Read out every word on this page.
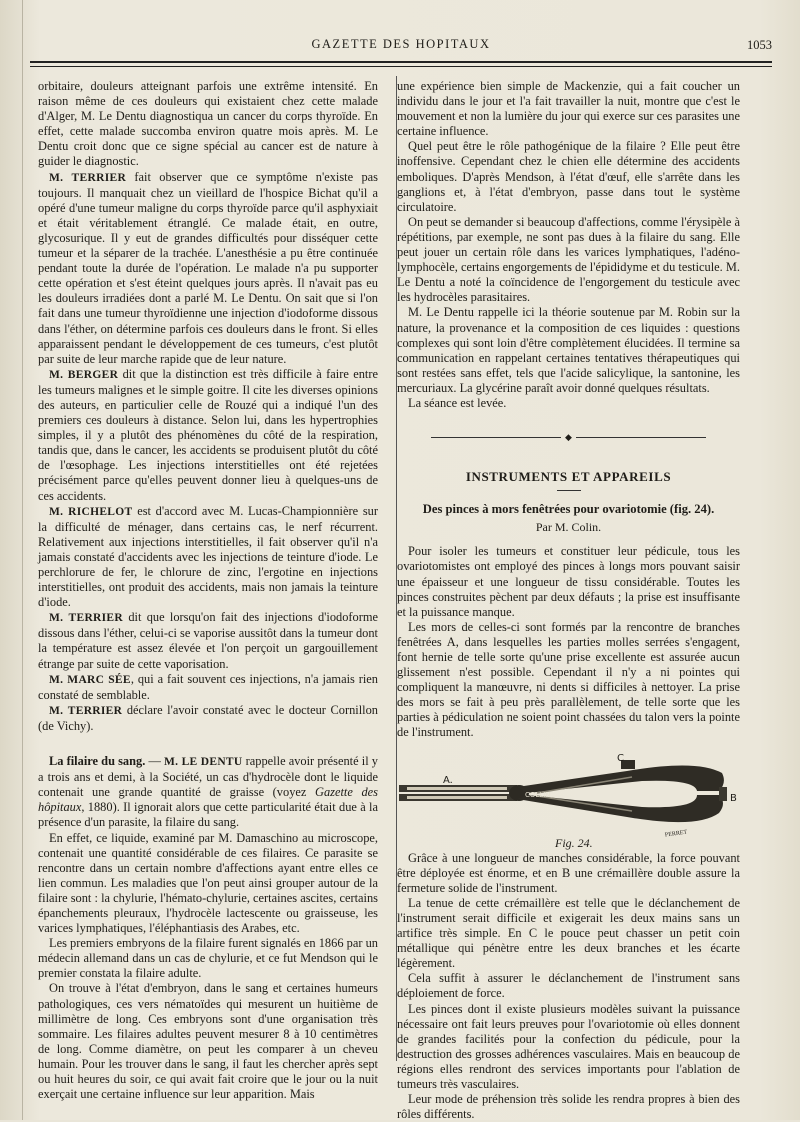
GAZETTE DES HOPITAUX	1053

orbitaire, douleurs atteignant parfois une extrême intensité. En raison même de ces douleurs qui existaient chez cette malade d'Alger, M. Le Dentu diagnostiqua un cancer du corps thyroïde. En effet, cette malade succomba environ quatre mois après. M. Le Dentu croit donc que ce signe spécial au cancer est de nature à guider le diagnostic.

M. TERRIER fait observer que ce symptôme n'existe pas toujours. Il manquait chez un vieillard de l'hospice Bichat qu'il a opéré d'une tumeur maligne du corps thyroïde parce qu'il asphyxiait et était véritablement étranglé. Ce malade était, en outre, glycosurique. Il y eut de grandes difficultés pour disséquer cette tumeur et la séparer de la trachée. L'anesthésie a pu être continuée pendant toute la durée de l'opération. Le malade n'a pu supporter cette opération et s'est éteint quelques jours après. Il n'avait pas eu les douleurs irradiées dont a parlé M. Le Dentu. On sait que si l'on fait dans une tumeur thyroïdienne une injection d'iodoforme dissous dans l'éther, on détermine parfois ces douleurs dans le front. Si elles apparaissent pendant le développement de ces tumeurs, c'est plutôt par suite de leur marche rapide que de leur nature.

M. BERGER dit que la distinction est très difficile à faire entre les tumeurs malignes et le simple goitre. Il cite les diverses opinions des auteurs, en particulier celle de Rouzé qui a indiqué l'un des premiers ces douleurs à distance. Selon lui, dans les hypertrophies simples, il y a plutôt des phénomènes du côté de la respiration, tandis que, dans le cancer, les accidents se produisent plutôt du côté de l'œsophage. Les injections interstitielles ont été rejetées précisément parce qu'elles peuvent donner lieu à quelques-uns de ces accidents.

M. RICHELOT est d'accord avec M. Lucas-Championnière sur la difficulté de ménager, dans certains cas, le nerf récurrent. Relativement aux injections interstitielles, il fait observer qu'il n'a jamais constaté d'accidents avec les injections de teinture d'iode. Le perchlorure de fer, le chlorure de zinc, l'ergotine en injections interstitielles, ont produit des accidents, mais non jamais la teinture d'iode.

M. TERRIER dit que lorsqu'on fait des injections d'iodoforme dissous dans l'éther, celui-ci se vaporise aussitôt dans la tumeur dont la température est assez élevée et l'on perçoit un gargouillement étrange par suite de cette vaporisation.

M. MARC SÉE, qui a fait souvent ces injections, n'a jamais rien constaté de semblable.

M. TERRIER déclare l'avoir constaté avec le docteur Cornillon (de Vichy).

La filaire du sang. — M. LE DENTU rappelle avoir présenté il y a trois ans et demi, à la Société, un cas d'hydrocèle dont le liquide contenait une grande quantité de graisse (voyez Gazette des hôpitaux, 1880). Il ignorait alors que cette particularité était due à la présence d'un parasite, la filaire du sang.

En effet, ce liquide, examiné par M. Damaschino au microscope, contenait une quantité considérable de ces filaires. Ce parasite se rencontre dans un certain nombre d'affections ayant entre elles ce lien commun. Les maladies que l'on peut ainsi grouper autour de la filaire sont : la chylurie, l'hémato-chylurie, certaines ascites, certains épanchements pleuraux, l'hydrocèle lactescente ou graisseuse, les varices lymphatiques, l'éléphantiasis des Arabes, etc.

Les premiers embryons de la filaire furent signalés en 1866 par un médecin allemand dans un cas de chylurie, et ce fut Mendson qui le premier constata la filaire adulte.

On trouve à l'état d'embryon, dans le sang et certaines humeurs pathologiques, ces vers nématoïdes qui mesurent un huitième de millimètre de long. Ces embryons sont d'une organisation très sommaire. Les filaires adultes peuvent mesurer 8 à 10 centimètres de long. Comme diamètre, on peut les comparer à un cheveu humain. Pour les trouver dans le sang, il faut les chercher après sept ou huit heures du soir, ce qui avait fait croire que le jour ou la nuit exerçait une certaine influence sur leur apparition. Mais

une expérience bien simple de Mackenzie, qui a fait coucher un individu dans le jour et l'a fait travailler la nuit, montre que c'est le mouvement et non la lumière du jour qui exerce sur ces parasites une certaine influence.

Quel peut être le rôle pathogénique de la filaire ? Elle peut être inoffensive. Cependant chez le chien elle détermine des accidents emboliques. D'après Mendson, à l'état d'œuf, elle s'arrête dans les ganglions et, à l'état d'embryon, passe dans tout le système circulatoire.

On peut se demander si beaucoup d'affections, comme l'érysipèle à répétitions, par exemple, ne sont pas dues à la filaire du sang. Elle peut jouer un certain rôle dans les varices lymphatiques, l'adéno-lymphocèle, certains engorgements de l'épididyme et du testicule. M. Le Dentu a noté la coïncidence de l'engorgement du testicule avec les hydrocèles parasitaires.

M. Le Dentu rappelle ici la théorie soutenue par M. Robin sur la nature, la provenance et la composition de ces liquides : questions complexes qui sont loin d'être complètement élucidées. Il termine sa communication en rappelant certaines tentatives thérapeutiques qui sont restées sans effet, tels que l'acide salicylique, la santonine, les mercuriaux. La glycérine paraît avoir donné quelques résultats.

La séance est levée.

◆
INSTRUMENTS ET APPAREILS
Des pinces à mors fenêtrées pour ovariotomie (fig. 24).
Par M. Colin.

Pour isoler les tumeurs et constituer leur pédicule, tous les ovariotomistes ont employé des pinces à longs mors pouvant saisir une épaisseur et une longueur de tissu considérable. Toutes les pinces construites pèchent par deux défauts ; la prise est insuffisante et la puissance manque.

Les mors de celles-ci sont formés par la rencontre de branches fenêtrées A, dans lesquelles les parties molles serrées s'engagent, font hernie de telle sorte qu'une prise excellente est assurée aucun glissement n'est possible. Cependant il n'y a ni pointes qui compliquent la manœuvre, ni dents si difficiles à nettoyer. La prise des mors se fait à peu près parallèlement, de telle sorte que les parties à pédiculation ne soient point chassées du talon vers la pointe de l'instrument.

COLLIN
A.
B
C
PERRET
Fig. 24.

Grâce à une longueur de manches considérable, la force pouvant être déployée est énorme, et en B une crémaillère double assure la fermeture solide de l'instrument.

La tenue de cette crémaillère est telle que le déclanchement de l'instrument serait difficile et exigerait les deux mains sans un artifice très simple. En C le pouce peut chasser un petit coin métallique qui pénètre entre les deux branches et les écarte légèrement.

Cela suffit à assurer le déclanchement de l'instrument sans déploiement de force.

Les pinces dont il existe plusieurs modèles suivant la puissance nécessaire ont fait leurs preuves pour l'ovariotomie où elles donnent de grandes facilités pour la confection du pédicule, pour la destruction des grosses adhérences vasculaires. Mais en beaucoup de régions elles rendront des services importants pour l'ablation de tumeurs très vasculaires.

Leur mode de préhension très solide les rendra propres à bien des rôles différents.
